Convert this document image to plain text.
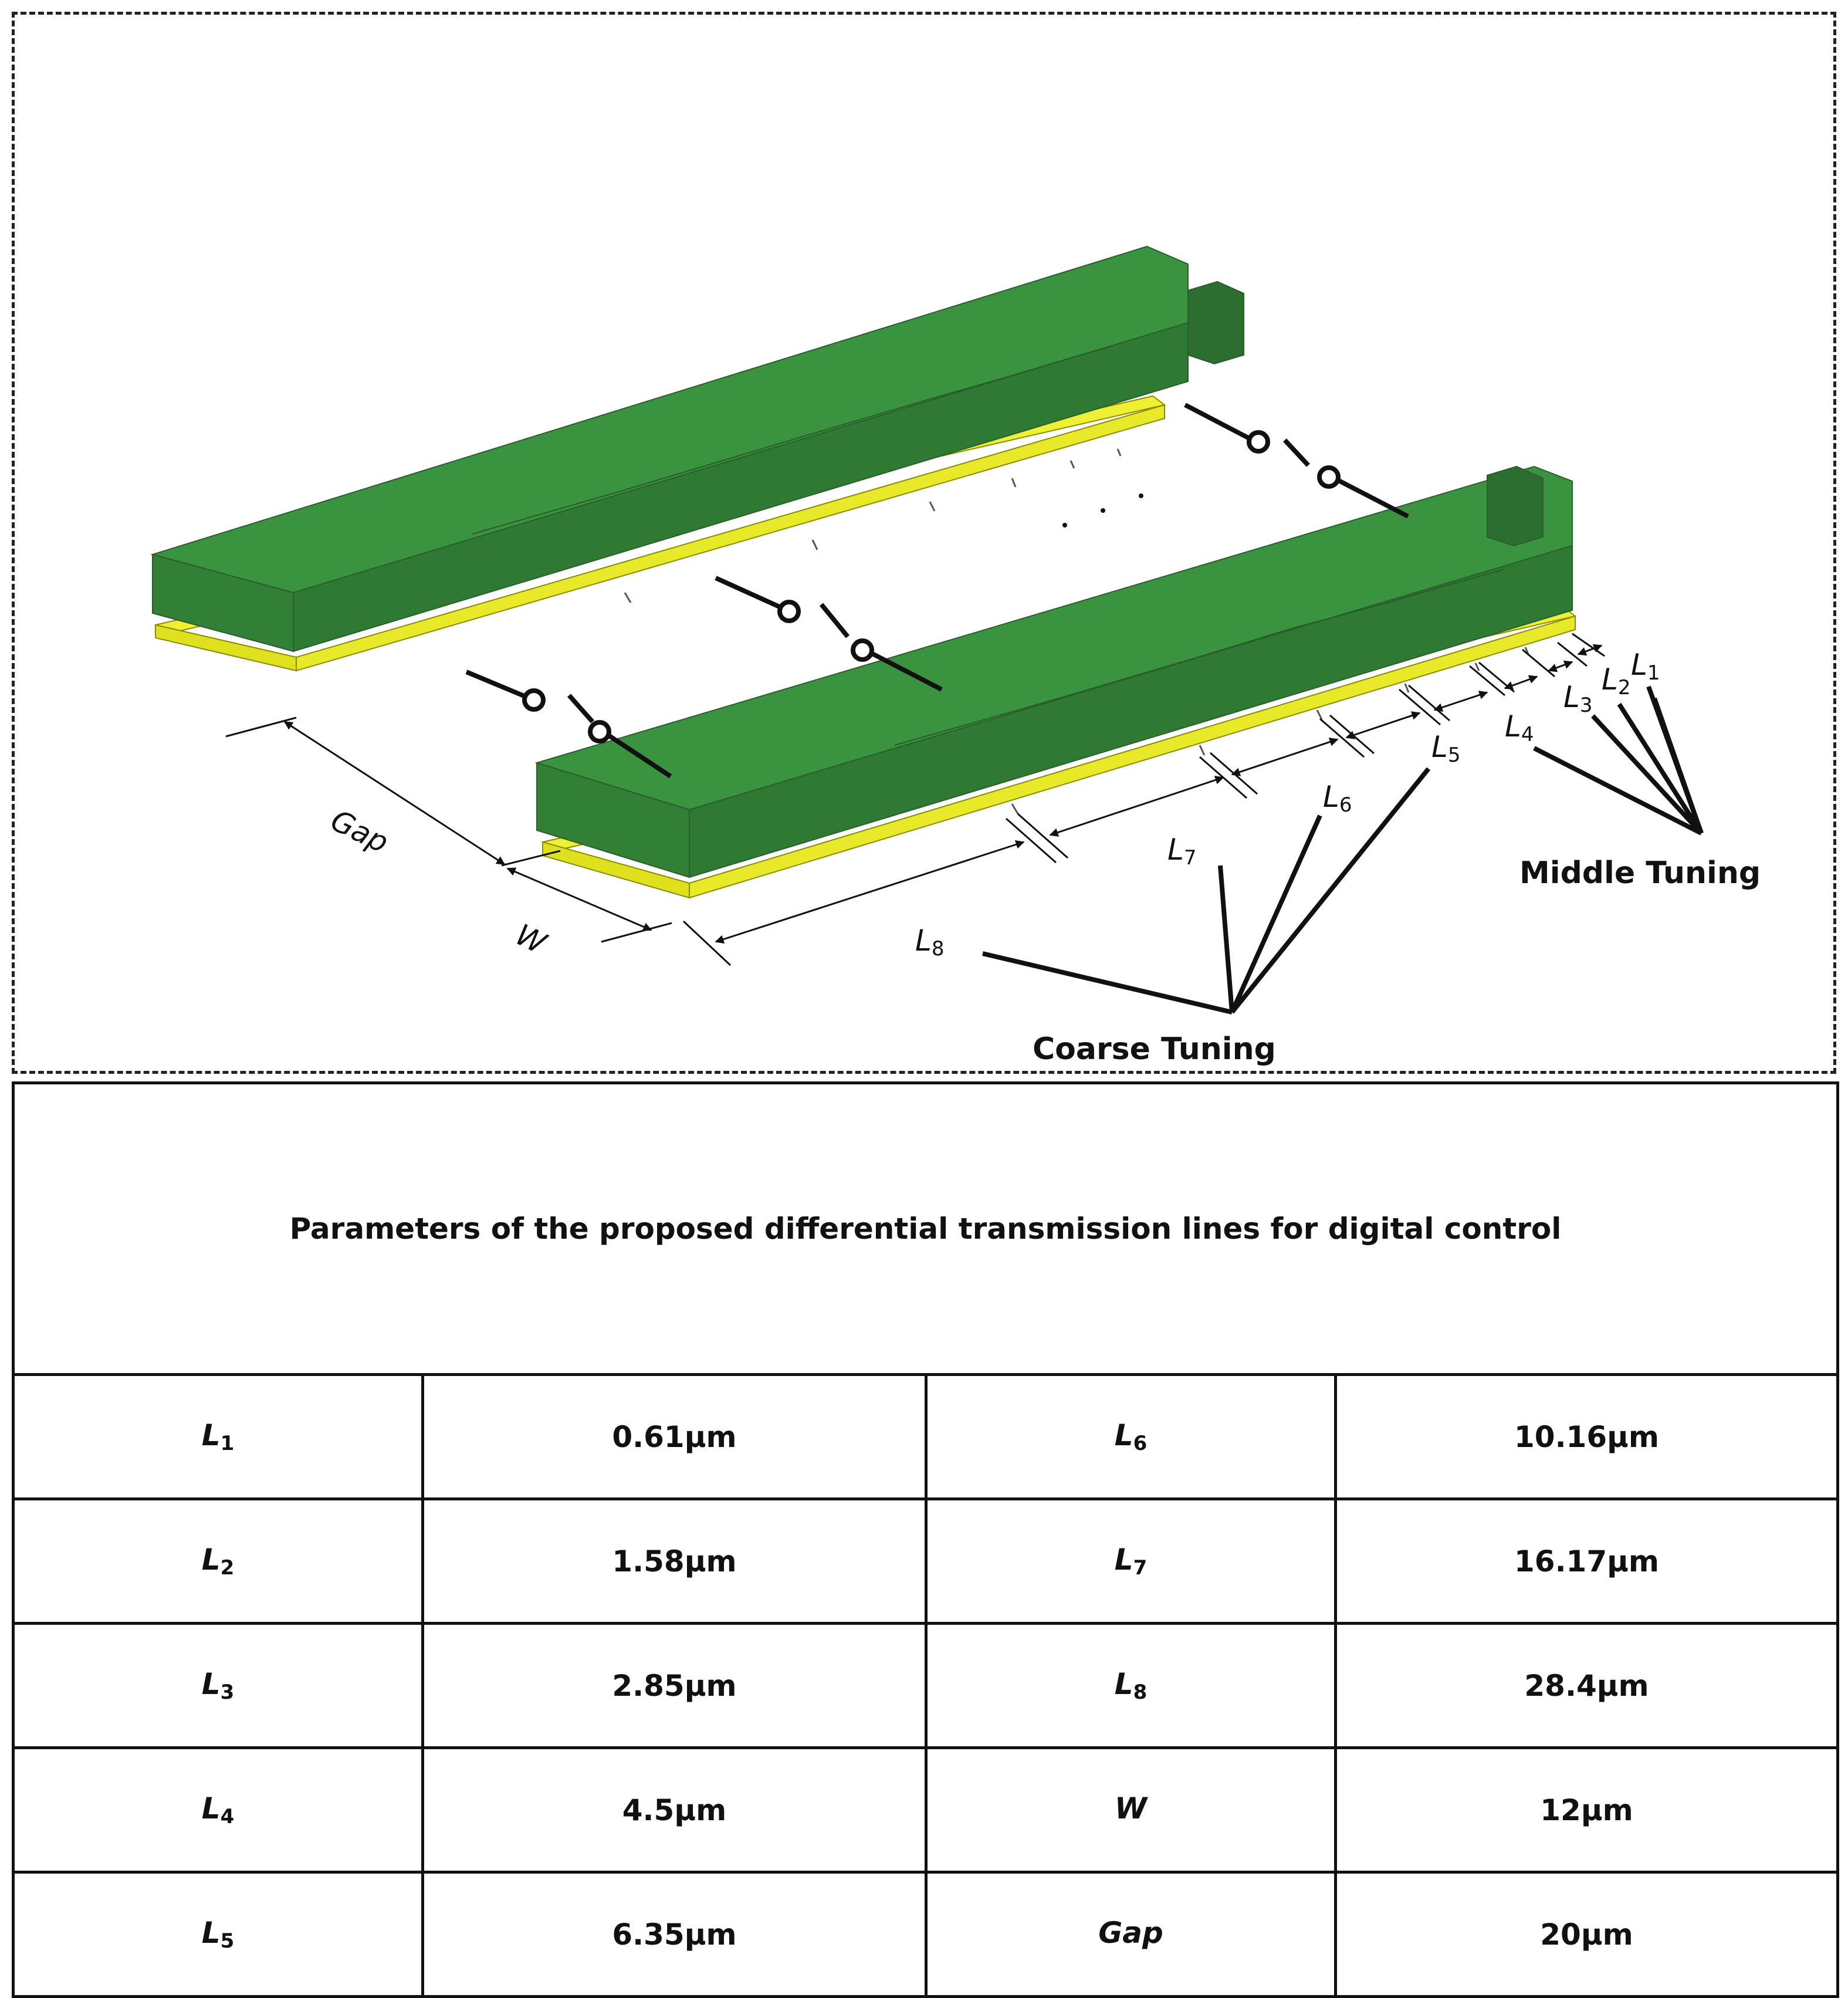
Gap
W	L8
L7
L6
L5
L4
L3
L2
L1
Middle Tuning
Coarse Tuning
Parameters of the proposed differential transmission lines for digital control			
$L_1$	0.61μm	$L_6$	10.16μm
$L_2$	1.58μm	$L_7$	16.17μm
$L_3$	2.85μm	$L_8$	28.4μm
$L_4$	4.5μm	W	12μm
$L_5$	6.35μm	Gap	20μm
